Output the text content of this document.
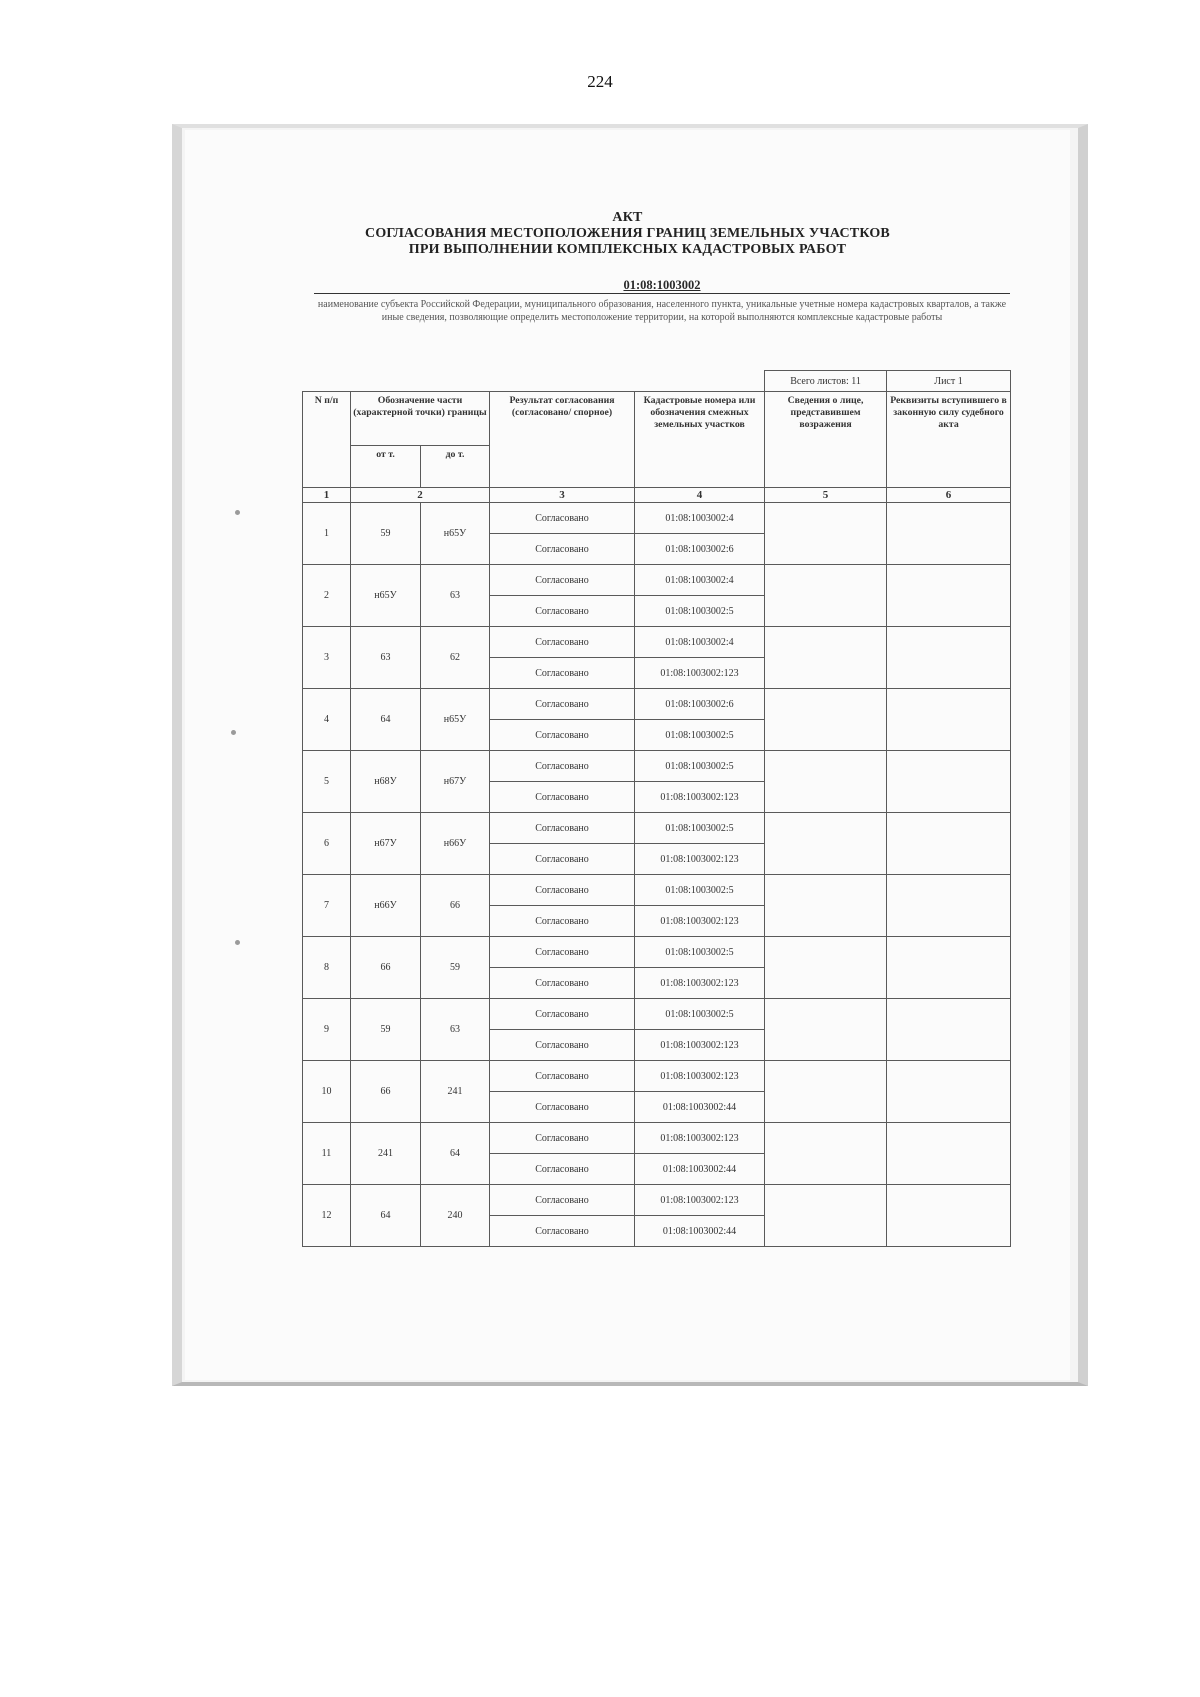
224
АКТ
СОГЛАСОВАНИЯ МЕСТОПОЛОЖЕНИЯ ГРАНИЦ ЗЕМЕЛЬНЫХ УЧАСТКОВ
ПРИ ВЫПОЛНЕНИИ КОМПЛЕКСНЫХ КАДАСТРОВЫХ РАБОТ
01:08:1003002
наименование субъекта Российской Федерации, муниципального образования, населенного пункта, уникальные учетные номера кадастровых кварталов, а также иные сведения, позволяющие определить местоположение территории, на которой выполняются комплексные кадастровые работы
					Всего листов: 11	Лист 1
N п/п	Обозначение части (характерной точки) границы		Результат согласования (согласовано/ спорное)	Кадастровые номера или обозначения смежных земельных участков	Сведения о лице, представившем возражения	Реквизиты вступившего в законную силу судебного акта
	от т.	до т.				
1	2		3	4	5	6
1	59	н65У	Согласовано	01:08:1003002:4		
			Согласовано	01:08:1003002:6		
2	н65У	63	Согласовано	01:08:1003002:4		
			Согласовано	01:08:1003002:5		
3	63	62	Согласовано	01:08:1003002:4		
			Согласовано	01:08:1003002:123		
4	64	н65У	Согласовано	01:08:1003002:6		
			Согласовано	01:08:1003002:5		
5	н68У	н67У	Согласовано	01:08:1003002:5		
			Согласовано	01:08:1003002:123		
6	н67У	н66У	Согласовано	01:08:1003002:5		
			Согласовано	01:08:1003002:123		
7	н66У	66	Согласовано	01:08:1003002:5		
			Согласовано	01:08:1003002:123		
8	66	59	Согласовано	01:08:1003002:5		
			Согласовано	01:08:1003002:123		
9	59	63	Согласовано	01:08:1003002:5		
			Согласовано	01:08:1003002:123		
10	66	241	Согласовано	01:08:1003002:123		
			Согласовано	01:08:1003002:44		
11	241	64	Согласовано	01:08:1003002:123		
			Согласовано	01:08:1003002:44		
12	64	240	Согласовано	01:08:1003002:123		
			Согласовано	01:08:1003002:44		
